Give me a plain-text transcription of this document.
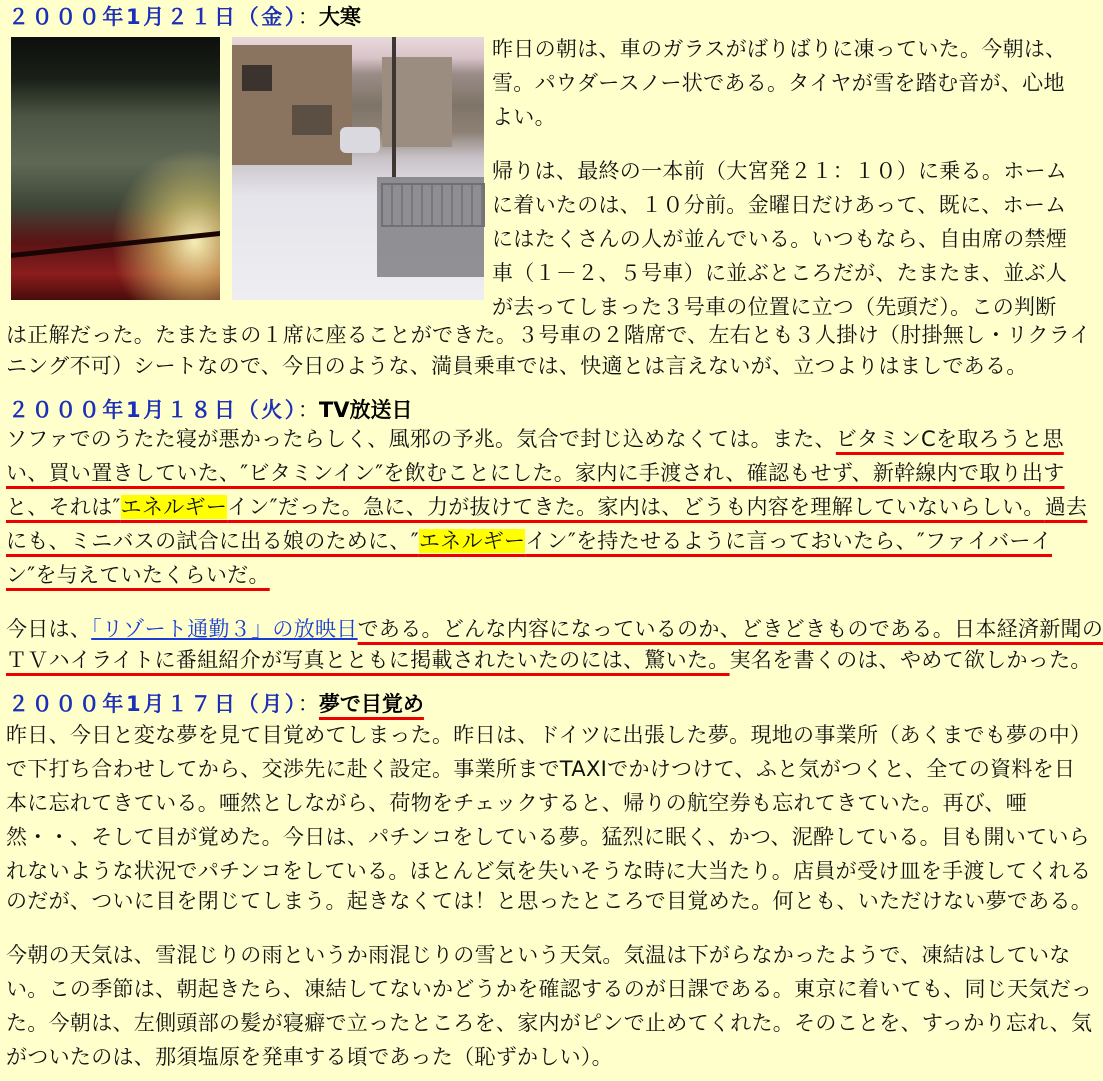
２０００年1月２１日（金）：大寒
昨日の朝は、車のガラスがばりばりに凍っていた。今朝は、
雪。パウダースノー状である。タイヤが雪を踏む音が、心地
よい。
帰りは、最終の一本前（大宮発２１：１０）に乗る。ホーム
に着いたのは、１０分前。金曜日だけあって、既に、ホーム
にはたくさんの人が並んでいる。いつもなら、自由席の禁煙
車（１－２、５号車）に並ぶところだが、たまたま、並ぶ人
が去ってしまった３号車の位置に立つ（先頭だ）。この判断
は正解だった。たまたまの１席に座ることができた。３号車の２階席で、左右とも３人掛け（肘掛無し・リクライ
ニング不可）シートなので、今日のような、満員乗車では、快適とは言えないが、立つよりはましである。
２０００年1月１８日（火）：TV放送日
ソファでのうたた寝が悪かったらしく、風邪の予兆。気合で封じ込めなくては。また、ビタミンCを取ろうと思
い、買い置きしていた、″ビタミンイン″を飲むことにした。家内に手渡され、確認もせず、新幹線内で取り出す
と、それは″エネルギーイン″だった。急に、力が抜けてきた。家内は、どうも内容を理解していないらしい。過去
にも、ミニバスの試合に出る娘のために、″エネルギーイン″を持たせるように言っておいたら、″ファイバーイ
ン″を与えていたくらいだ。
今日は、「リゾート通勤３」の放映日である。どんな内容になっているのか、どきどきものである。日本経済新聞の
ＴＶハイライトに番組紹介が写真とともに掲載されたいたのには、驚いた。実名を書くのは、やめて欲しかった。
２０００年1月１７日（月）：夢で目覚め
昨日、今日と変な夢を見て目覚めてしまった。昨日は、ドイツに出張した夢。現地の事業所（あくまでも夢の中）
で下打ち合わせしてから、交渉先に赴く設定。事業所までTAXIでかけつけて、ふと気がつくと、全ての資料を日
本に忘れてきている。唖然としながら、荷物をチェックすると、帰りの航空券も忘れてきていた。再び、唖
然・・、そして目が覚めた。今日は、パチンコをしている夢。猛烈に眠く、かつ、泥酔している。目も開いていら
れないような状況でパチンコをしている。ほとんど気を失いそうな時に大当たり。店員が受け皿を手渡してくれる
のだが、ついに目を閉じてしまう。起きなくては！と思ったところで目覚めた。何とも、いただけない夢である。
今朝の天気は、雪混じりの雨というか雨混じりの雪という天気。気温は下がらなかったようで、凍結はしていな
い。この季節は、朝起きたら、凍結してないかどうかを確認するのが日課である。東京に着いても、同じ天気だっ
た。今朝は、左側頭部の髪が寝癖で立ったところを、家内がピンで止めてくれた。そのことを、すっかり忘れ、気
がついたのは、那須塩原を発車する頃であった（恥ずかしい）。
